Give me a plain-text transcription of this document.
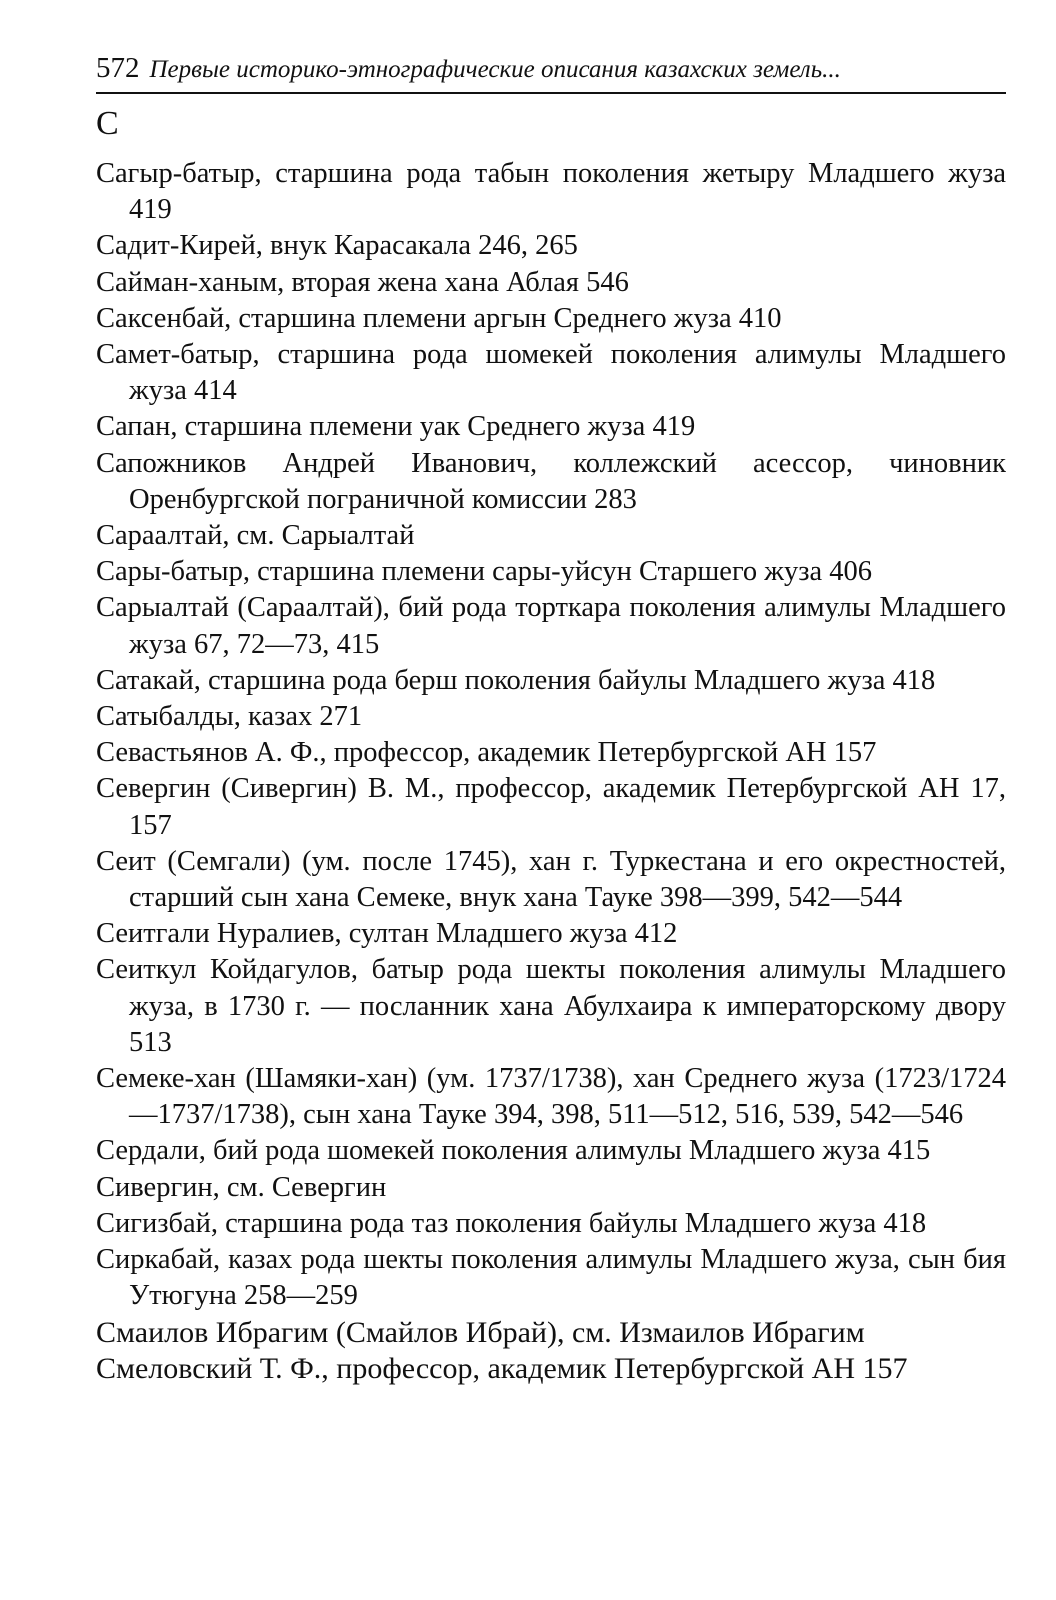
572 Первые историко-этнографические описания казахских земель...
С
Сагыр-батыр, старшина рода табын поколения жетыру Младшего жуза 419
Садит-Кирей, внук Карасакала 246, 265
Сайман-ханым, вторая жена хана Аблая 546
Саксенбай, старшина племени аргын Среднего жуза 410
Самет-батыр, старшина рода шомекей поколения алимулы Младшего жуза 414
Сапан, старшина племени уак Среднего жуза 419
Сапожников Андрей Иванович, коллежский асессор, чиновник Оренбургской пограничной комиссии 283
Сараалтай, см. Сарыалтай
Сары-батыр, старшина племени сары-уйсун Старшего жуза 406
Сарыалтай (Сараалтай), бий рода торткара поколения алимулы Младшего жуза 67, 72—73, 415
Сатакай, старшина рода берш поколения байулы Младшего жуза 418
Сатыбалды, казах 271
Севастьянов А. Ф., профессор, академик Петербургской АН 157
Севергин (Сивергин) В. М., профессор, академик Петербургской АН 17, 157
Сеит (Семгали) (ум. после 1745), хан г. Туркестана и его окрестностей, старший сын хана Семеке, внук хана Тауке 398—399, 542—544
Сеитгали Нуралиев, султан Младшего жуза 412
Сеиткул Койдагулов, батыр рода шекты поколения алимулы Младшего жуза, в 1730 г. — посланник хана Абулхаира к императорскому двору 513
Семеке-хан (Шамяки-хан) (ум. 1737/1738), хан Среднего жуза (1723/1724—1737/1738), сын хана Тауке 394, 398, 511—512, 516, 539, 542—546
Сердали, бий рода шомекей поколения алимулы Младшего жуза 415
Сивергин, см. Севергин
Сигизбай, старшина рода таз поколения байулы Младшего жуза 418
Сиркабай, казах рода шекты поколения алимулы Младшего жуза, сын бия Утюгуна 258—259
Смаилов Ибрагим (Смайлов Ибрай), см. Измаилов Ибрагим
Смеловский Т. Ф., профессор, академик Петербургской АН 157
